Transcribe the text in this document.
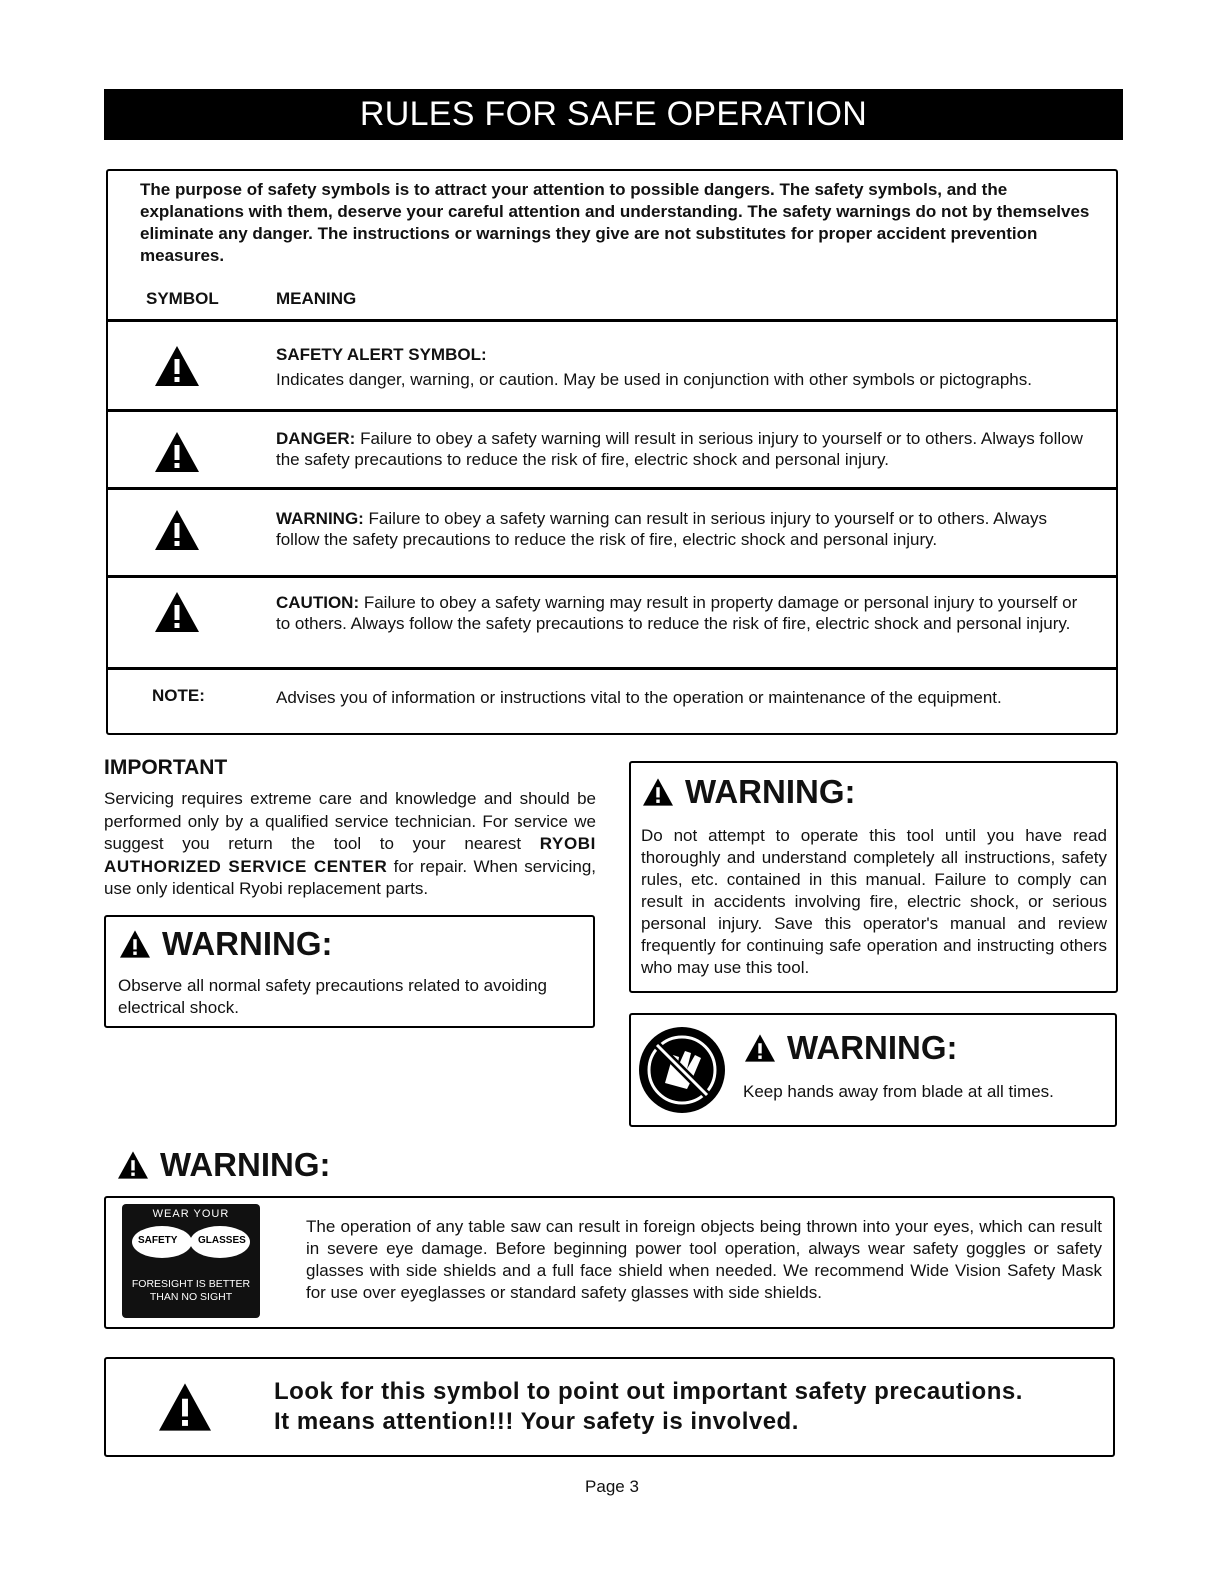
RULES FOR SAFE OPERATION
The purpose of safety symbols is to attract your attention to possible dangers. The safety symbols, and the explanations with them, deserve your careful attention and understanding. The safety warnings do not by themselves eliminate any danger. The instructions or warnings they give are not substitutes for proper accident prevention measures.
SYMBOL	MEANING
SAFETY ALERT SYMBOL:
Indicates danger, warning, or caution. May be used in conjunction with other symbols or pictographs.
DANGER: Failure to obey a safety warning will result in serious injury to yourself or to others. Always follow the safety precautions to reduce the risk of fire, electric shock and personal injury.
WARNING: Failure to obey a safety warning can result in serious injury to yourself or to others. Always follow the safety precautions to reduce the risk of fire, electric shock and personal injury.
CAUTION: Failure to obey a safety warning may result in property damage or personal injury to yourself or to others. Always follow the safety precautions to reduce the risk of fire, electric shock and personal injury.
NOTE:	Advises you of information or instructions vital to the operation or maintenance of the equipment.
IMPORTANT
Servicing requires extreme care and knowledge and should be performed only by a qualified service technician. For service we suggest you return the tool to your nearest RYOBI AUTHORIZED SERVICE CENTER for repair. When servicing, use only identical Ryobi replacement parts.
WARNING:
Observe all normal safety precautions related to avoiding electrical shock.
WARNING:
Do not attempt to operate this tool until you have read thoroughly and understand completely all instructions, safety rules, etc. contained in this manual. Failure to comply can result in accidents involving fire, electric shock, or serious personal injury. Save this operator's manual and review frequently for continuing safe operation and instructing others who may use this tool.
WARNING:
Keep hands away from blade at all times.
WARNING:
WEAR YOUR
SAFETY GLASSES
FORESIGHT IS BETTER
THAN NO SIGHT
The operation of any table saw can result in foreign objects being thrown into your eyes, which can result in severe eye damage. Before beginning power tool operation, always wear safety goggles or safety glasses with side shields and a full face shield when needed. We recommend Wide Vision Safety Mask for use over eyeglasses or standard safety glasses with side shields.
Look for this symbol to point out important safety precautions.
It means attention!!! Your safety is involved.
Page 3
